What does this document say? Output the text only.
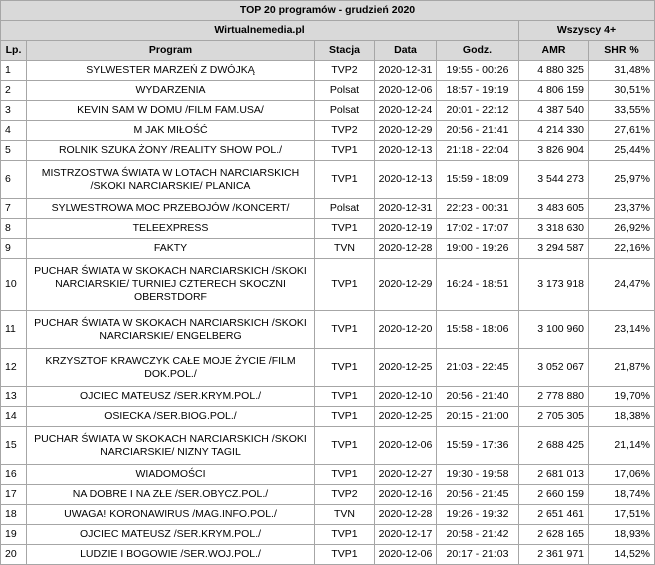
TOP 20 programów - grudzień 2020						
Wirtualnemedia.pl					Wszyscy 4+	
Lp.	Program	Stacja	Data	Godz.	AMR	SHR %
1	SYLWESTER MARZEŃ Z DWÓJKĄ	TVP2	2020-12-31	19:55 - 00:26	4 880 325	31,48%
2	WYDARZENIA	Polsat	2020-12-06	18:57 - 19:19	4 806 159	30,51%
3	KEVIN SAM W DOMU /FILM FAM.USA/	Polsat	2020-12-24	20:01 - 22:12	4 387 540	33,55%
4	M JAK MIŁOŚĆ	TVP2	2020-12-29	20:56 - 21:41	4 214 330	27,61%
5	ROLNIK SZUKA ŻONY /REALITY SHOW POL./	TVP1	2020-12-13	21:18 - 22:04	3 826 904	25,44%
6	MISTRZOSTWA ŚWIATA W LOTACH NARCIARSKICH /SKOKI NARCIARSKIE/ PLANICA	TVP1	2020-12-13	15:59 - 18:09	3 544 273	25,97%
7	SYLWESTROWA MOC PRZEBOJÓW /KONCERT/	Polsat	2020-12-31	22:23 - 00:31	3 483 605	23,37%
8	TELEEXPRESS	TVP1	2020-12-19	17:02 - 17:07	3 318 630	26,92%
9	FAKTY	TVN	2020-12-28	19:00 - 19:26	3 294 587	22,16%
10	PUCHAR ŚWIATA W SKOKACH NARCIARSKICH /SKOKI NARCIARSKIE/ TURNIEJ CZTERECH SKOCZNI OBERSTDORF	TVP1	2020-12-29	16:24 - 18:51	3 173 918	24,47%
11	PUCHAR ŚWIATA W SKOKACH NARCIARSKICH /SKOKI NARCIARSKIE/ ENGELBERG	TVP1	2020-12-20	15:58 - 18:06	3 100 960	23,14%
12	KRZYSZTOF KRAWCZYK CAŁE MOJE ŻYCIE /FILM DOK.POL./	TVP1	2020-12-25	21:03 - 22:45	3 052 067	21,87%
13	OJCIEC MATEUSZ /SER.KRYM.POL./	TVP1	2020-12-10	20:56 - 21:40	2 778 880	19,70%
14	OSIECKA /SER.BIOG.POL./	TVP1	2020-12-25	20:15 - 21:00	2 705 305	18,38%
15	PUCHAR ŚWIATA W SKOKACH NARCIARSKICH /SKOKI NARCIARSKIE/ NIZNY TAGIL	TVP1	2020-12-06	15:59 - 17:36	2 688 425	21,14%
16	WIADOMOŚCI	TVP1	2020-12-27	19:30 - 19:58	2 681 013	17,06%
17	NA DOBRE I NA ZŁE /SER.OBYCZ.POL./	TVP2	2020-12-16	20:56 - 21:45	2 660 159	18,74%
18	UWAGA! KORONAWIRUS /MAG.INFO.POL./	TVN	2020-12-28	19:26 - 19:32	2 651 461	17,51%
19	OJCIEC MATEUSZ /SER.KRYM.POL./	TVP1	2020-12-17	20:58 - 21:42	2 628 165	18,93%
20	LUDZIE I BOGOWIE /SER.WOJ.POL./	TVP1	2020-12-06	20:17 - 21:03	2 361 971	14,52%
